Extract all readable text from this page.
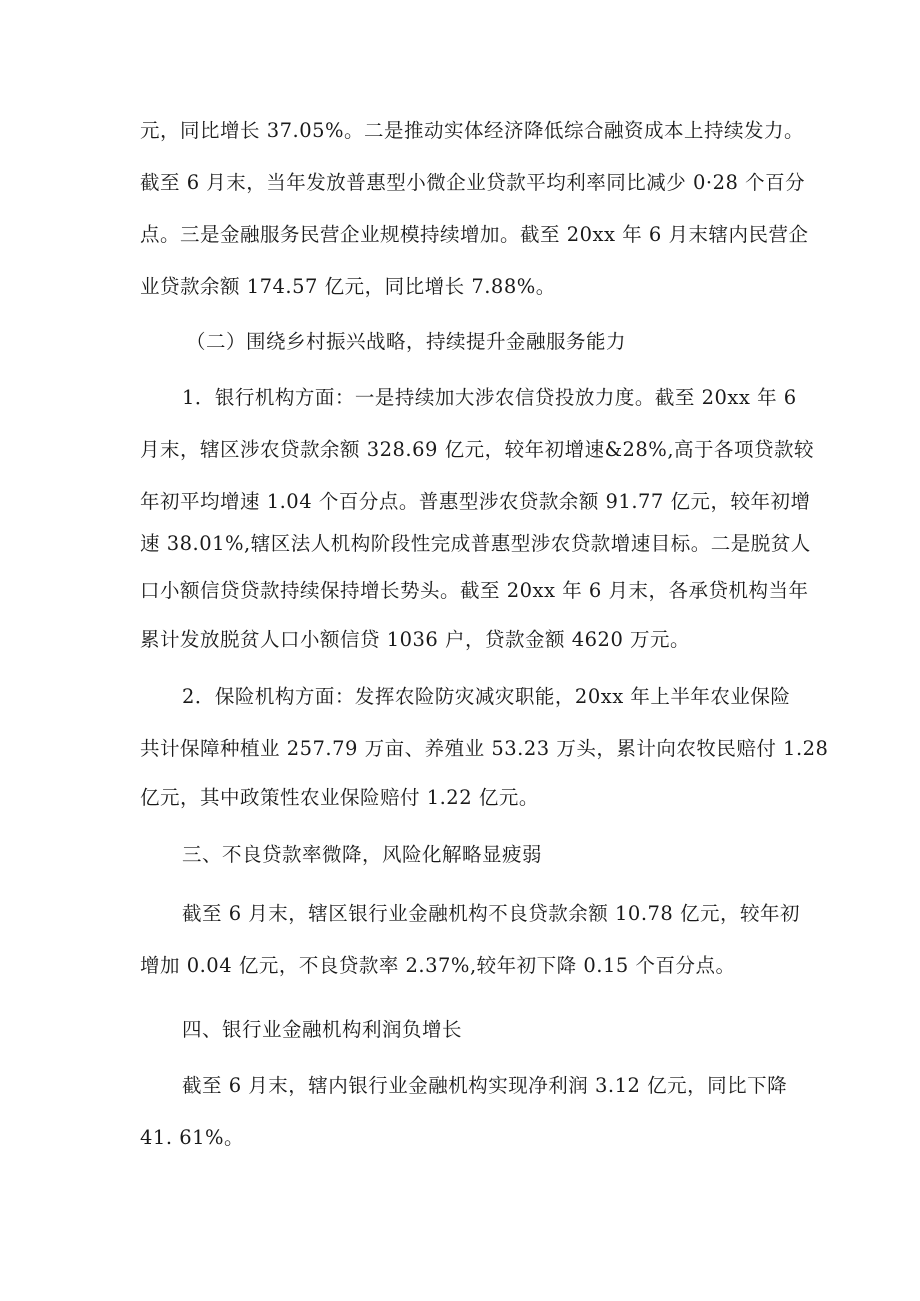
元，同比增长 37.05%。二是推动实体经济降低综合融资成本上持续发力。
截至 6 月末，当年发放普惠型小微企业贷款平均利率同比减少 0·28 个百分
点。三是金融服务民营企业规模持续增加。截至 20xx 年 6 月末辖内民营企
业贷款余额 174.57 亿元，同比增长 7.88%。
（二）围绕乡村振兴战略，持续提升金融服务能力
1．银行机构方面：一是持续加大涉农信贷投放力度。截至 20xx 年 6
月末，辖区涉农贷款余额 328.69 亿元，较年初增速&28%,高于各项贷款较
年初平均增速 1.04 个百分点。普惠型涉农贷款余额 91.77 亿元，较年初增
速 38.01%,辖区法人机构阶段性完成普惠型涉农贷款增速目标。二是脱贫人
口小额信贷贷款持续保持增长势头。截至 20xx 年 6 月末，各承贷机构当年
累计发放脱贫人口小额信贷 1036 户，贷款金额 4620 万元。
2．保险机构方面：发挥农险防灾减灾职能，20xx 年上半年农业保险
共计保障种植业 257.79 万亩、养殖业 53.23 万头，累计向农牧民赔付 1.28
亿元，其中政策性农业保险赔付 1.22 亿元。
三、不良贷款率微降，风险化解略显疲弱
截至 6 月末，辖区银行业金融机构不良贷款余额 10.78 亿元，较年初
增加 0.04 亿元，不良贷款率 2.37%,较年初下降 0.15 个百分点。
四、银行业金融机构利润负增长
截至 6 月末，辖内银行业金融机构实现净利润 3.12 亿元，同比下降
41. 61%。
